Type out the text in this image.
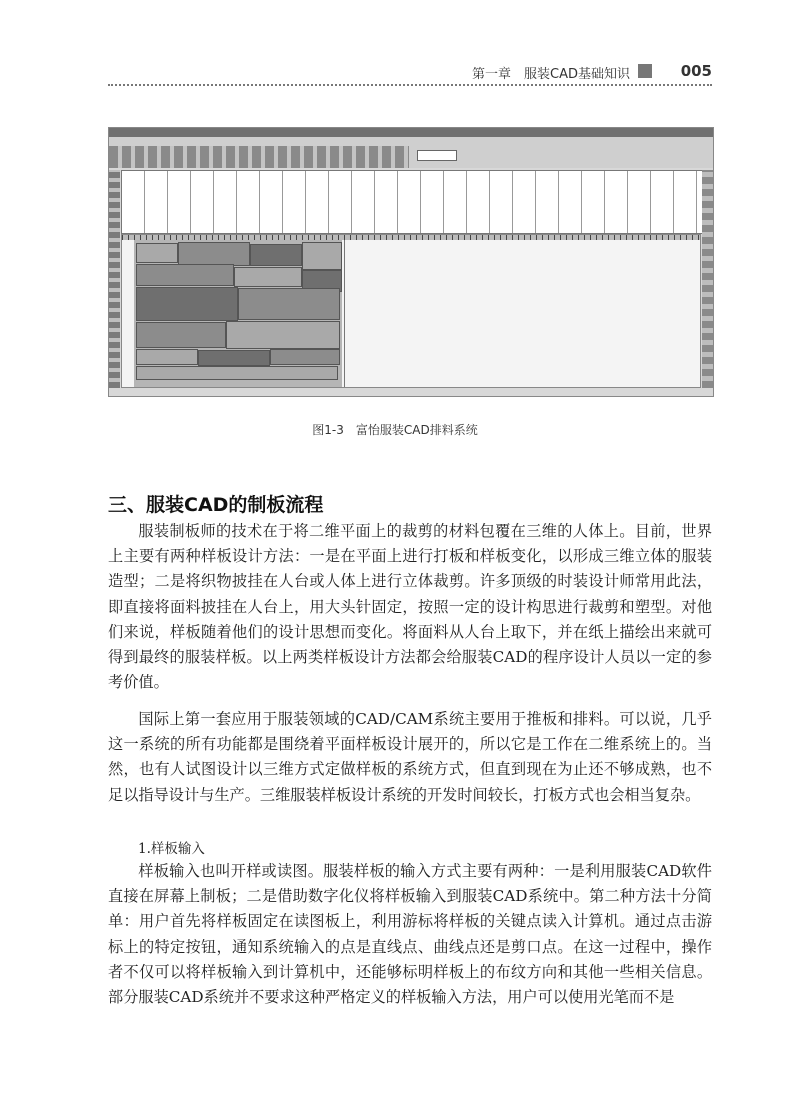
第一章　服装CAD基础知识	005
图1-3　富怡服装CAD排料系统
三、服装CAD的制板流程

服装制板师的技术在于将二维平面上的裁剪的材料包覆在三维的人体上。目前，世界上主要有两种样板设计方法：一是在平面上进行打板和样板变化，以形成三维立体的服装造型；二是将织物披挂在人台或人体上进行立体裁剪。许多顶级的时装设计师常用此法，即直接将面料披挂在人台上，用大头针固定，按照一定的设计构思进行裁剪和塑型。对他们来说，样板随着他们的设计思想而变化。将面料从人台上取下，并在纸上描绘出来就可得到最终的服装样板。以上两类样板设计方法都会给服装CAD的程序设计人员以一定的参考价值。

国际上第一套应用于服装领域的CAD/CAM系统主要用于推板和排料。可以说，几乎这一系统的所有功能都是围绕着平面样板设计展开的，所以它是工作在二维系统上的。当然，也有人试图设计以三维方式定做样板的系统方式，但直到现在为止还不够成熟，也不足以指导设计与生产。三维服装样板设计系统的开发时间较长，打板方式也会相当复杂。

1.样板输入

样板输入也叫开样或读图。服装样板的输入方式主要有两种：一是利用服装CAD软件直接在屏幕上制板；二是借助数字化仪将样板输入到服装CAD系统中。第二种方法十分简单：用户首先将样板固定在读图板上，利用游标将样板的关键点读入计算机。通过点击游标上的特定按钮，通知系统输入的点是直线点、曲线点还是剪口点。在这一过程中，操作者不仅可以将样板输入到计算机中，还能够标明样板上的布纹方向和其他一些相关信息。部分服装CAD系统并不要求这种严格定义的样板输入方法，用户可以使用光笔而不是
